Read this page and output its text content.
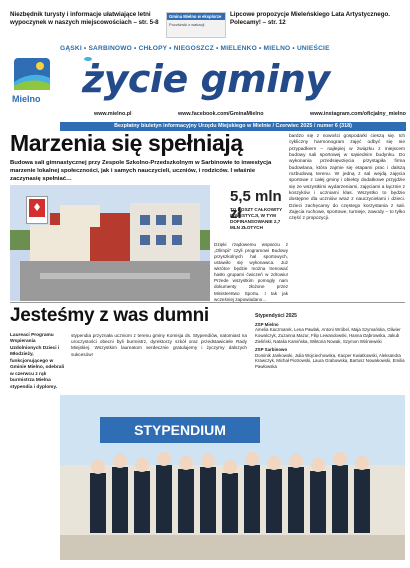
Niezbędnik turysty i informacje ułatwiające letni wypoczynek w naszych miejscowościach – str. 5-8
Gmina Mielno w eksplorze
Pocztówki z wakacji
Lipcowe propozycje Mieleńskiego Lata Artystycznego. Polecamy! – str. 12
GĄSKI • SARBINOWO • CHŁOPY • NIEGOSZCZ • MIELENKO • MIELNO • UNIEŚCIE
Mielno życie gminy
www.mielno.pl	www.facebook.com/GminaMielno	www.instagram.com/oficjalny_mielno
Bezpłatny biuletyn informacyjny Urzędu Miejskiego w Mielnie / Czerwiec 2025 / numer 6 (318)
Marzenia się spełniają
Budowa sali gimnastycznej przy Zespole Szkolno-Przedszkolnym w Sarbinowie to inwestycja marzenie lokalnej społeczności, jak i samych nauczycieli, uczniów, i rodziców. I właśnie zaczynasię spełniać…
bardzo się z nowości gospodarki cieszą się. Ich cykliczny harmonogram zajęć odbyć się nie przypadkiem – najlepiej w związku z miejscem budowy sali sportowej w sąsiednim budynku. Do wykonania przedsięwzięcia przystąpiła firma budowlana, która zajmie się etapami prac i dalszą rozbudową terenu. W jedną z sal wejdą zajęcia sportowe z całej gminy i obiekty dodatkowe przyjdzie się ze wszystkimi wydarzeniami, zajęciami a łącznie z koszyków i uczniami klas. Wszystko to będzie dostępne dla uczniów wraz z nauczycielami i dzieci. Dzieci zachęcamy do częstego korzystania z sali. Zajęcia ruchowe, sportowe, turnieje, zawody – to tylko część z propozycji.
5,5 mln zł
TO KOSZT CAŁKOWITY INWESTYCJI, W TYM DOFINANSOWANIE 2,7 MLN ZŁOTYCH
Dzięki rządowemu wsparciu z „Olimpii” czyli programowi Budowy przyszkolnych hal sportowych, ustawiło się wykonawca. Już wkrótce będzie można trenować hasło grupami ćwiczeń w zdrowiu! Przede wszystkim pomogły nam dokumenty złożone przez Ministerstwo Sportu. I tak jak wcześniej zapowiadano…
Jesteśmy z was dumni
Laureaci Programu Wspierania Uzdolnionych Dzieci i Młodzieży, funkcjonującego w Gminie Mielno, odebrali w czerwcu z rąk burmistrza Mielna stypendia i dyplomy.
stypendia przyznała uczniom z terenu gminy Komisja ds. Stypendiów, natomiast na uroczystości obecni byli burmistrz, dyrektorzy szkół oraz przedstawiciele Rady Miejskiej. Wszystkim laureatom serdecznie gratulujemy i życzymy dalszych sukcesów!
Stypendyści 2025
ZSP Mielno
Amelia Kaczmarek, Lena Pawlak, Antoni Wróbel, Maja Szymańska, Oliwier Kowalczyk, Zuzanna Mazur, Filip Lewandowski, Hanna Dąbrowska, Jakub Zieliński, Natalia Kamińska, Wiktoria Nowak, Szymon Wiśniewski
ZSP Sarbinowo
Dominik Jankowski, Julia Wojciechowska, Kacper Kwiatkowski, Aleksandra Krawczyk, Michał Piotrowski, Laura Grabowska, Bartosz Nowakowski, Emilia Pawłowska
STYPENDIUM
